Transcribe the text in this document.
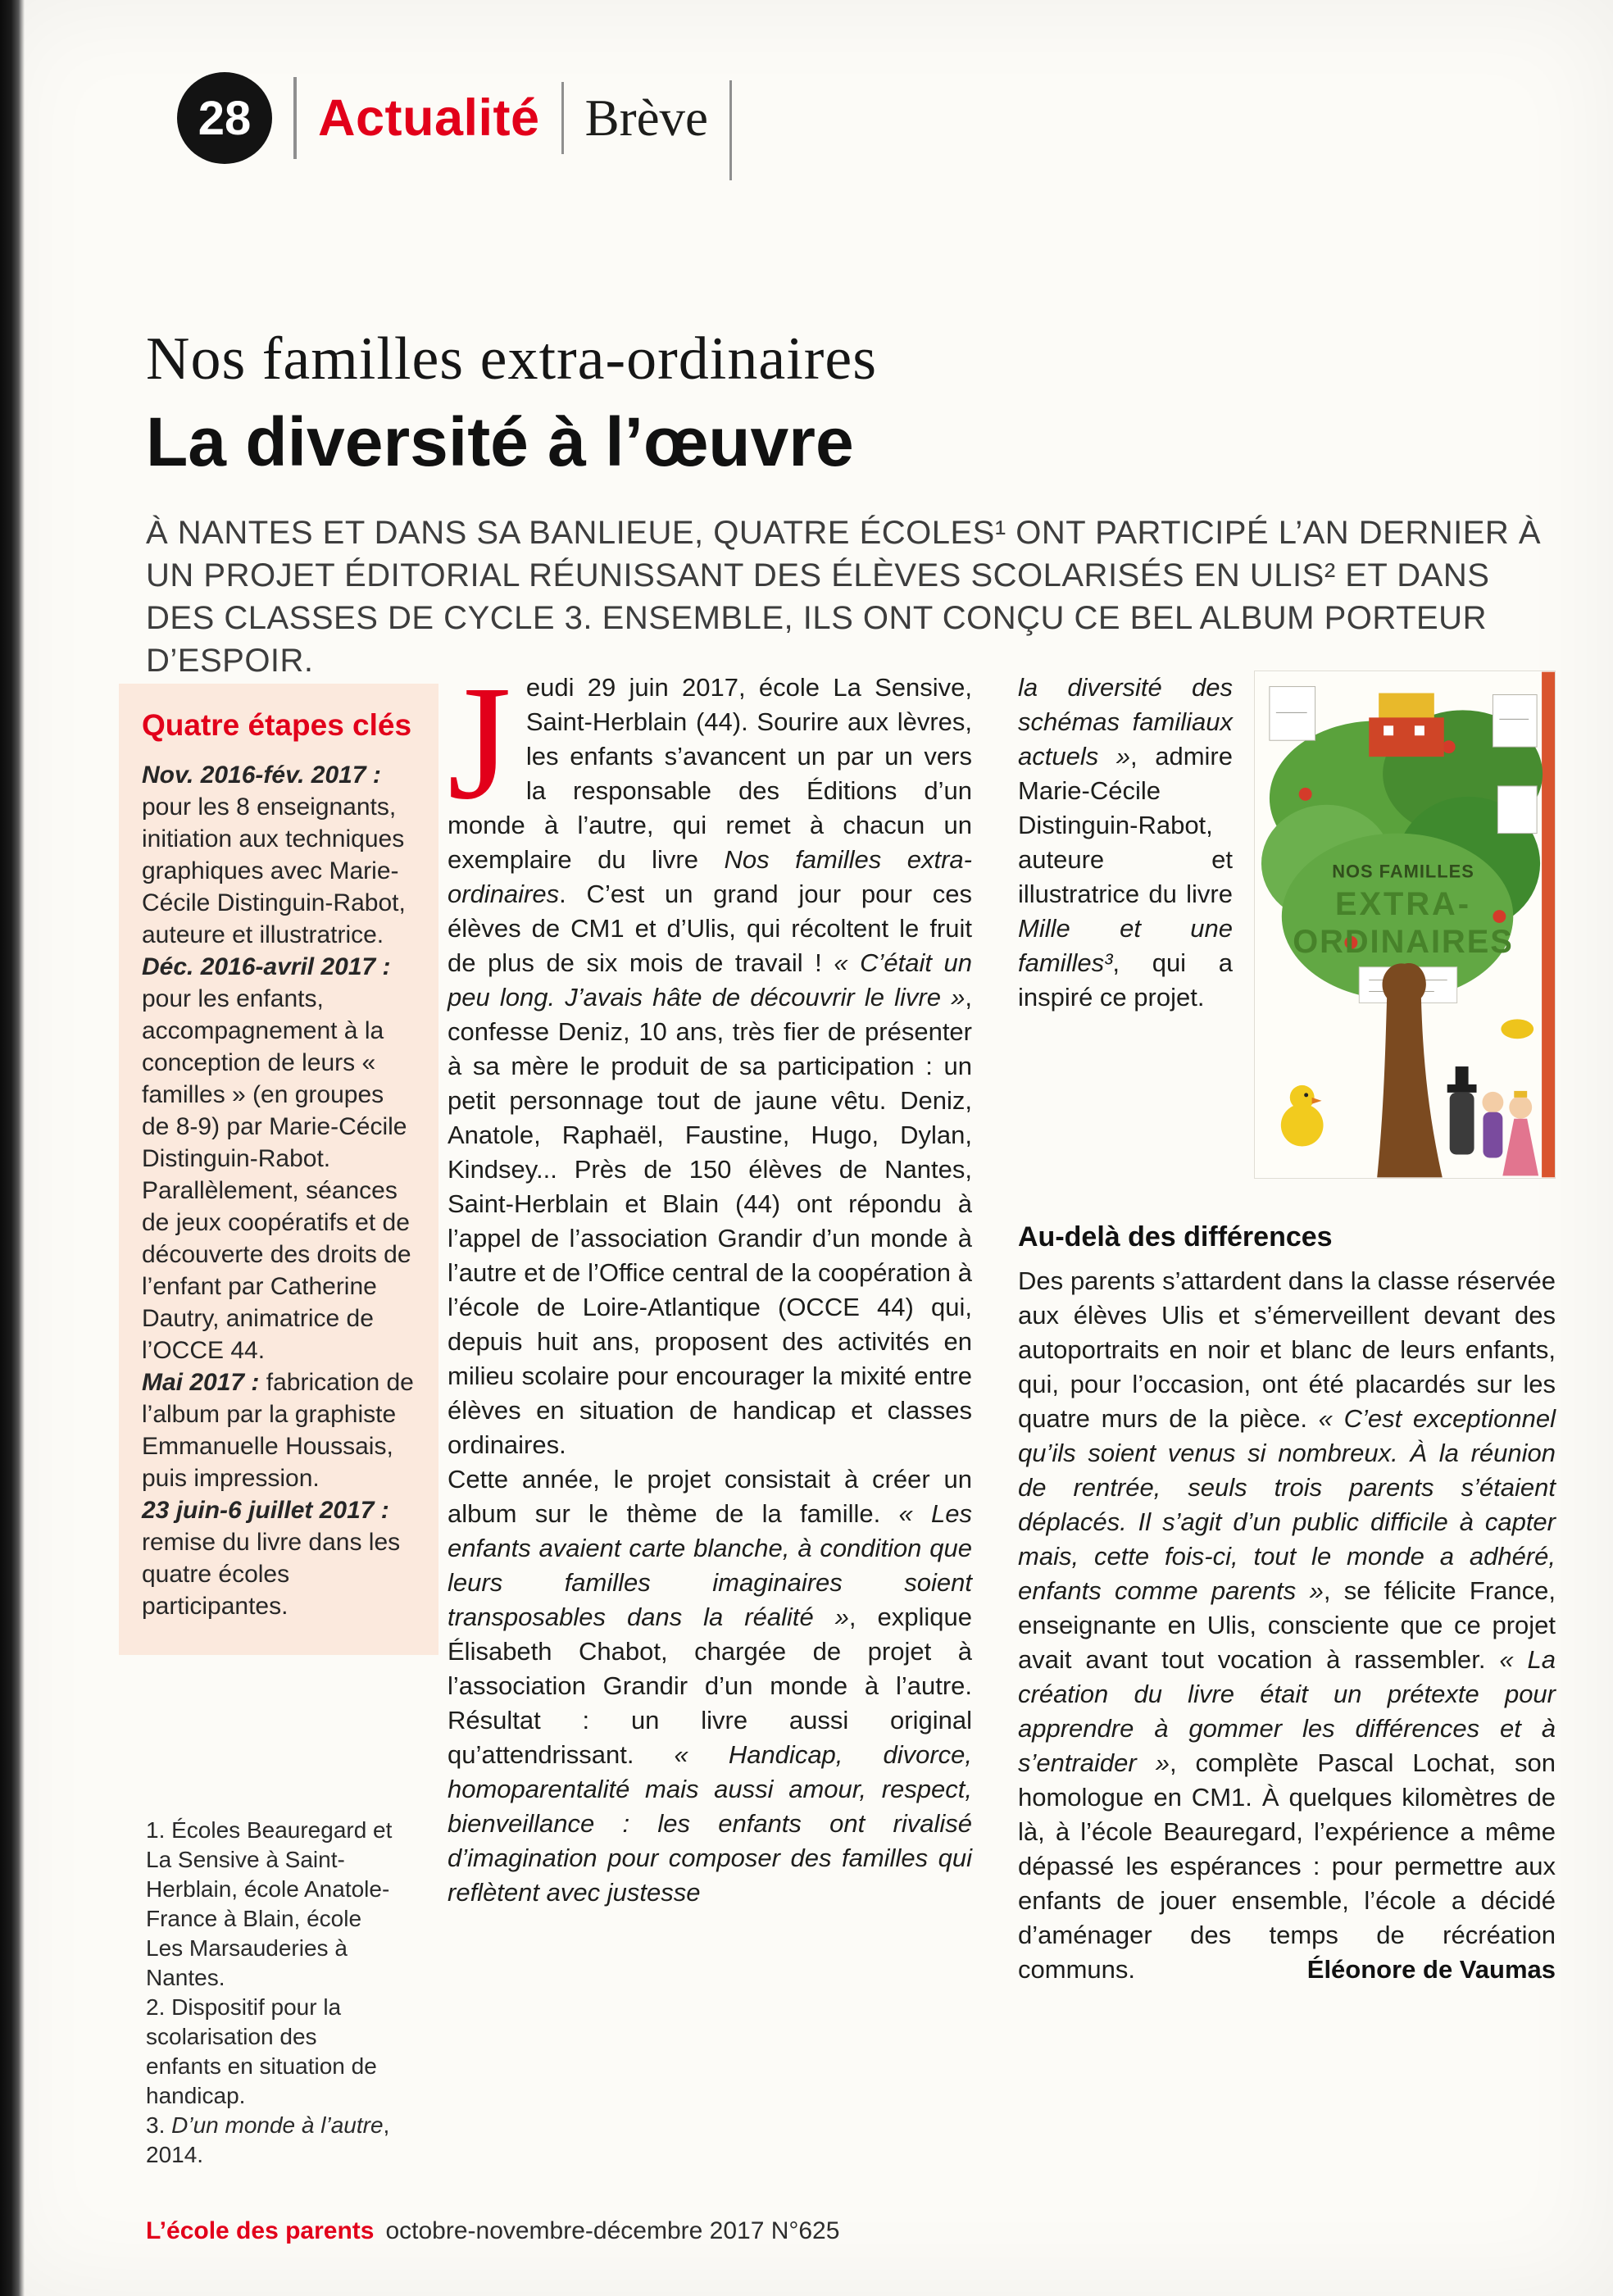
28	Actualité Brève
Nos familles extra-ordinaires
La diversité à l’œuvre

À NANTES ET DANS SA BANLIEUE, QUATRE ÉCOLES¹ ONT PARTICIPÉ L’AN DERNIER À UN PROJET ÉDITORIAL RÉUNISSANT DES ÉLÈVES SCOLARISÉS EN ULIS² ET DANS DES CLASSES DE CYCLE 3. ENSEMBLE, ILS ONT CONÇU CE BEL ALBUM PORTEUR D’ESPOIR.

Quatre étapes clés
Nov. 2016-fév. 2017 : pour les 8 enseignants, initiation aux techniques graphiques avec Marie-Cécile Distinguin-Rabot, auteure et illustratrice.
Déc. 2016-avril 2017 : pour les enfants, accompagnement à la conception de leurs « familles » (en groupes de 8-9) par Marie-Cécile Distinguin-Rabot. Parallèlement, séances de jeux coopératifs et de découverte des droits de l’enfant par Catherine Dautry, animatrice de l’OCCE 44.
Mai 2017 : fabrication de l’album par la graphiste Emmanuelle Houssais, puis impression.
23 juin-6 juillet 2017 : remise du livre dans les quatre écoles participantes.
1. Écoles Beauregard et La Sensive à Saint-Herblain, école Anatole-France à Blain, école Les Marsauderies à Nantes.
2. Dispositif pour la scolarisation des enfants en situation de handicap.
3. D’un monde à l’autre, 2014.
J eudi 29 juin 2017, école La Sensive, Saint-Herblain (44). Sourire aux lèvres, les enfants s’avancent un par un vers la responsable des Éditions d’un monde à l’autre, qui remet à chacun un exemplaire du livre Nos familles extra-ordinaires. C’est un grand jour pour ces élèves de CM1 et d’Ulis, qui récoltent le fruit de plus de six mois de travail ! « C’était un peu long. J’avais hâte de découvrir le livre », confesse Deniz, 10 ans, très fier de présenter à sa mère le produit de sa participation : un petit personnage tout de jaune vêtu. Deniz, Anatole, Raphaël, Faustine, Hugo, Dylan, Kindsey... Près de 150 élèves de Nantes, Saint-Herblain et Blain (44) ont répondu à l’appel de l’association Grandir d’un monde à l’autre et de l’Office central de la coopération à l’école de Loire-Atlantique (OCCE 44) qui, depuis huit ans, proposent des activités en milieu scolaire pour encourager la mixité entre élèves en situation de handicap et classes ordinaires.
Cette année, le projet consistait à créer un album sur le thème de la famille. « Les enfants avaient carte blanche, à condition que leurs familles imaginaires soient transposables dans la réalité », explique Élisabeth Chabot, chargée de projet à l’association Grandir d’un monde à l’autre. Résultat : un livre aussi original qu’attendrissant. « Handicap, divorce, homoparentalité mais aussi amour, respect, bienveillance : les enfants ont rivalisé d’imagination pour composer des familles qui reflètent avec justesse
NOS FAMILLES
EXTRA-
ORDINAIRES
la diversité des schémas familiaux actuels », admire Marie-Cécile Distinguin-Rabot, auteure et illustratrice du livre Mille et une familles³, qui a inspiré ce projet.
Au-delà des différences
Des parents s’attardent dans la classe réservée aux élèves Ulis et s’émerveillent devant des autoportraits en noir et blanc de leurs enfants, qui, pour l’occasion, ont été placardés sur les quatre murs de la pièce. « C’est exceptionnel qu’ils soient venus si nombreux. À la réunion de rentrée, seuls trois parents s’étaient déplacés. Il s’agit d’un public difficile à capter mais, cette fois-ci, tout le monde a adhéré, enfants comme parents », se félicite France, enseignante en Ulis, consciente que ce projet avait avant tout vocation à rassembler. « La création du livre était un prétexte pour apprendre à gommer les différences et à s’entraider », complète Pascal Lochat, son homologue en CM1. À quelques kilomètres de là, à l’école Beauregard, l’expérience a même dépassé les espérances : pour permettre aux enfants de jouer ensemble, l’école a décidé d’aménager des temps de récréation communs.	Éléonore de Vaumas
L’école des parents octobre-novembre-décembre 2017 N°625
